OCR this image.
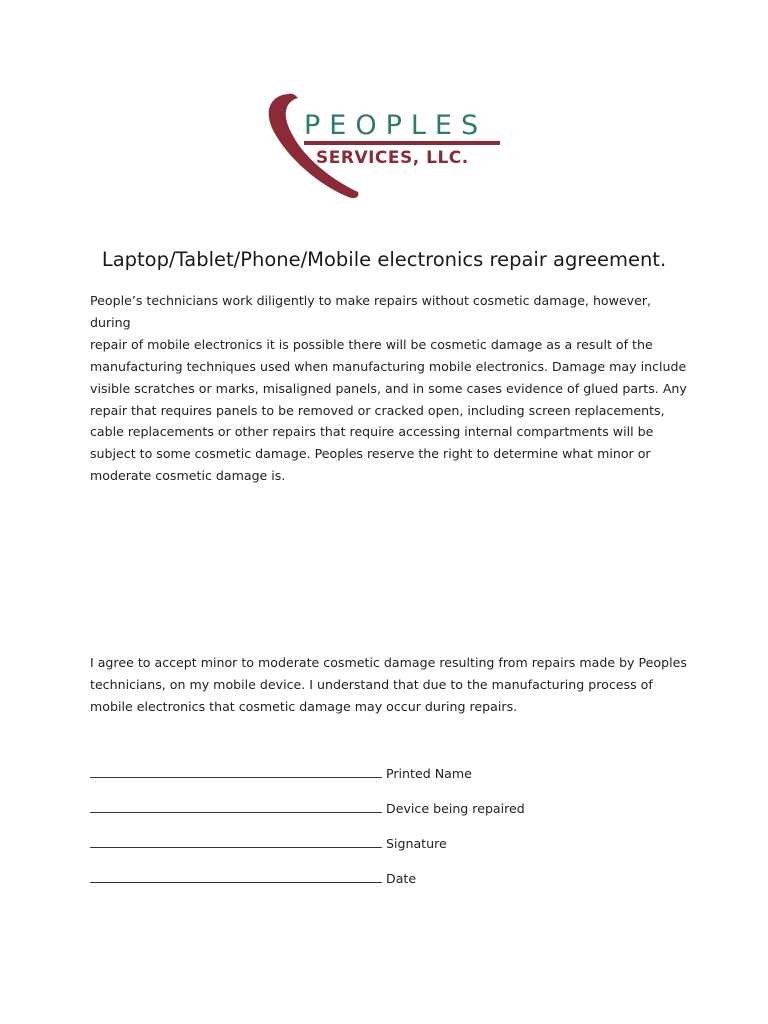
PEOPLES
SERVICES, LLC.
Laptop/Tablet/Phone/Mobile electronics repair agreement.

People’s technicians work diligently to make repairs without cosmetic damage, however, during
repair of mobile electronics it is possible there will be cosmetic damage as a result of the
manufacturing techniques used when manufacturing mobile electronics. Damage may include
visible scratches or marks, misaligned panels, and in some cases evidence of glued parts. Any
repair that requires panels to be removed or cracked open, including screen replacements,
cable replacements or other repairs that require accessing internal compartments will be
subject to some cosmetic damage. Peoples reserve the right to determine what minor or
moderate cosmetic damage is.

I agree to accept minor to moderate cosmetic damage resulting from repairs made by Peoples
technicians, on my mobile device. I understand that due to the manufacturing process of
mobile electronics that cosmetic damage may occur during repairs.

Printed Name
Device being repaired
Signature
Date
